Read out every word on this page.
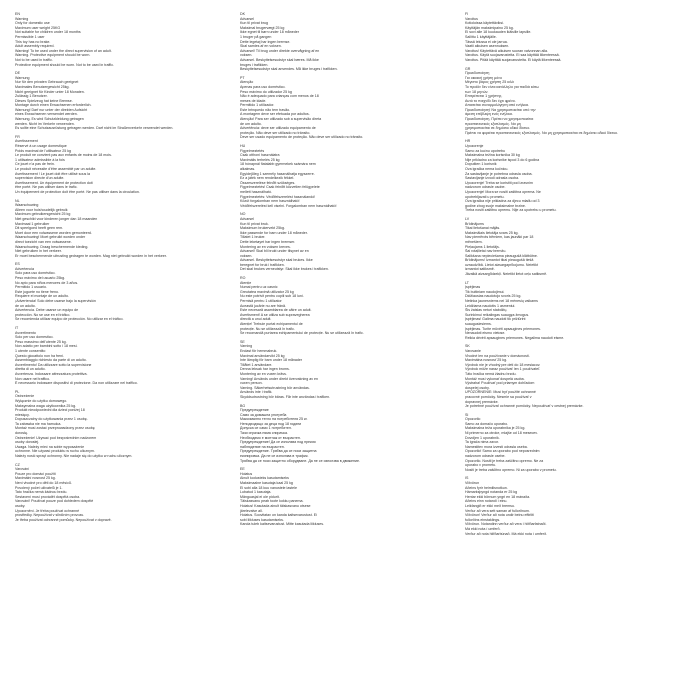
EN
Warning
Only for domestic use
Maximum user weight 25KG
Not suitable for children under 18 months
Permissible 1 user
This toy has no brake.
Adult assembly required.
Warning! To be used under the direct supervision of an adult.
Warning. Protective equipment should be worn.
Not to be used in traffic.
Protective equipment should be worn. Not to be used in traffic.
DE
Warnung
Nur für den privaten Gebrauch geeignet
Maximales Benutzergewicht 25kg.
Nicht geeignet für Kinder unter 18 Monaten.
Zulässig 1 Benutzer.
Dieses Spielzeug hat keine Bremse.
Montage durch einen Erwachsenen erforderlich.
Warnung! Darf nur unter der direkten Aufsicht
eines Erwachsenen verwendet werden.
Warnung. Es wird Schutzkleidung getragen
werden. Nicht im Verkehr verwenden.
Es sollte eine Schutzausrüstung getragen werden. Darf nicht im Straßenverkehr verwendet werden.
FR
Avertissement
Réservé à un usage domestique
Poids maximal de l'utilisateur 25 kg
Le produit ne convient pas aux enfants de moins de 18 mois.
1 utilisateur admissible à la fois
Ce jouet n'a pas de frein.
Le produit nécessite d'être assemblé par un adulte.
Avertissement ! Le jouet doit être utilisé sous la
supervision directe d'un adulte.
Avertissement. Un équipement de protection doit
être porté. Ne pas utiliser dans le trafic.
Un équipement de protection doit être porté. Ne pas utiliser dans la circulation.
NL
Waarschuwing
Alleen voor huishoudelijk gebruik
Maximum gebruikersgewicht 25 kg
Niet geschikt voor kinderen jonger dan 18 maanden
Maximaal 1 gebruiker
Dit speelgoed heeft geen rem.
Moet door een volwassene worden gemonteerd.
Waarschuwing! Moet gebruikt worden onder
direct toezicht van een volwassene.
Waarschuwing. Draag beschermende kleding.
Niet gebruiken in het verkeer.
Er moet beschermende uitrusting gedragen te worden. Mag niet gebruikt worden in het verkeer.
ES
Advertencia
Solo para uso doméstico.
Peso máximo del usuario 25kg.
No apto para niños menores de 3 años.
Permitido 1 usuario.
Este juguete no tiene freno.
Requiere el montaje de un adulto.
¡Advertencia! Solo debe usarse bajo la supervisión
de un adulto.
Advertencia. Debe usarse un equipo de
protección. No se use en el tráfico.
Se recomienda utilizar equipo de protección. No utilizar en el tráfico.
IT
Avvertimento
Solo per uso domestico.
Peso massimo dell'utente 25 kg.
Non adatto per bambini sotto i 18 mesi.
1 utente consentito
Questo giocattolo non ha freni.
Assemblaggio richiesto da parte di un adulto.
Avvertimento! Da utilizzare sotto la supervisione
diretta di un adulto.
Avvertenza. Indossare attrezzatura protettiva.
Non usare nel traffico.
È necessario indossare dispositivi di protezione. Da non utilizzare nel traffico.
PL
Ostrzeżenie
Wyłącznie do użytku domowego.
Maksymalna waga użytkownika 25 kg.
Produkt nieodpowiedni dla dzieci poniżej 18
miesięcy.
Dopuszczalny do użytkowania przez 1 osobę.
Ta zabawka nie ma hamulca.
Montaż musi zostać przeprowadzony przez osobę
dorosłą.
Ostrzeżenie! Używać pod bezpośrednim nadzorem
osoby dorosłej.
Uwaga. Należy mieć na sobie wyposażenie
ochronne. Nie używać produktu w ruchu ulicznym.
Należy nosić sprzęt ochronny. Nie nadaje się do użytku w ruchu ulicznym.
CZ
Varování
Pouze pro domácí použití
Maximální nosnost 25 kg.
Není vhodné pro děti do 18 měsíců.
Povolený počet uživatelů je 1.
Tato hračka nemá žádnou brzdu.
Sestavení musí provádět dospělá osoba.
Varování! Používat pouze pod dohledem dospělé
osoby.
Upozornění. Je třeba používat ochranné
prostředky. Nepoužívat v silničním provozu.
Je třeba používat ochranné pomůcky. Nepoužívat v dopravě.
DK
Advarsel
Kun til privat brug
Maksimal brugervægt 25 kg
Ikke egnet til børn under 18 måneder
1 bruger på gangen
Dette legetøj har ingen bremse.
Skal samles af en voksen.
Advarsel! Til brug under direkte overvågning af en
voksen.
Advarsel. Beskyttelsesudstyr skal bæres. Må ikke
bruges i trafikken.
Beskyttelsesudstyr skal anvendes. Må ikke bruges i trafikken.
PT
Atenção
Apenas para uso doméstico.
Peso máximo do utilizador 25 kg
Não é adequado para crianças com menos de 18
meses de idade.
Permitido 1 utilizador.
Este brinquedo não tem travão.
A montagem deve ser efetuada por adultos.
Atenção! Para ser utilizado sob a supervisão direta
de um adulto.
Advertência: deve ser utilizado equipamento de
proteção. Não deve ser utilizado no trânsito.
Deve ser usado equipamento de proteção. Não deve ser utilizado no trânsito.
HU
Figyelmeztetés
Csak otthoni használatra
Maximális terhelés 25 kg
18 hónapnál fiatalabb gyermekek számára nem
alkalmas.
Egyidejűleg 1 személy használhatja egyszerre.
Ez a játék nem rendelkezik fékkel.
Összeszerelése felnőtt szükséges.
Figyelmeztetés! Csak felnőtt közvetlen felügyelete
mellett használható.
Figyelmeztetés: Védőfelszerelést használandó!
Közút forgalomban nem használható!
Védőfelszerelést kell viselni. Forgalomban nem használható!
NO
Advarsel
Kun til privat bruk.
Maksimum brukervekt 25kg.
Ikke passende for barn under 18 måneder.
Tillatet 1 bruker.
Dette leketøyet har ingen bremser.
Montering av en voksen kreves.
Advarsel! Skal bli brukt under tilsynet av en
voksen.
Advarsel. Beskyttelsesutstyr skal brukes. Ikke
beregnet for bruk i trafikken.
Det skal brukes verneutstyr. Skal ikke brukes i trafikken.
RO
Atenție
Numai pentru uz casnic
Greutatea maximă utilizator 25 kg
Nu este potrivit pentru copiii sub 18 luni.
Permisă pentru 1 utilizator
Această jucărie nu are frână.
Este necesară asamblarea de către un adult.
Avertisment! A se utiliza sub supravegherea
directă a unui adult.
Atenție! Trebuie purtat echipamentul de
protecție. Nu se utilizează în trafic.
Se recomandă purtarea echipamentului de protecție. Nu se utilizează în trafic.
SE
Varning
Endast för hemmabruk.
Maximal användarvikt 25 kg
Inte lämplig för barn under 18 månader
Tillåtet 1 användare.
Denna leksak har ingen broms.
Montering av en vuxen krävs.
Varning! Används under direkt övervakning av en
vuxen person.
Varning. Säkerhetsutrustning bör användas.
Används inte i trafik.
Skyddsutrustning bör bäras. Får inte användas i trafiken.
BG
Предупреждение
Само за домашна употреба
Максимално тегло на потребителя 25 кг.
Неподходящо за деца под 18 години
Допуска се само 1 потребител.
Тази играчка няма спирачка.
Необходимо е монтаж от възрастен.
Предупреждение! Да се използва под прекия
наблюдение на възрастен.
Предупреждение. Трябва да се носи защитна
екипировка. Да не се използва в трафик.
Трябва да се носи защитно оборудване. Да не се използва в движение.
EE
Hoiatus
Ainult kodusteks kasutamiseks
Maksimaalne kasutaja kaal 25 kg
Ei sobi alla 18 kuu vanustele lastele
Lubatud 1 kasutaja.
Mänguasjal ei ole pidurit.
Täiskasvanu peab toote kokku panema.
Hoiatus! Kasutada ainult täiskasvanu otsese
järelevalve all.
Hoiatus. Soovitatav on kanda kaitsevarustust. Ei
sobi liikluses kasutamiseks.
Kanda tuleb kaitsevarustust. Mitte kasutada liikluses.
FI
Varoitus
Kotioloissa käytettäviksi.
Käyttäjän maksimipaino 25 kg.
Ei sovi alle 18 kuukauden ikäisille lapsille.
Sallittu 1 käyttäjälle.
Tässä lelussa ei ole jarrua.
Vaatii aikuisen asennuksen.
Varoitus! Käytettävä aikuisen suoran valvonnan alla.
Varoitus. Käytä suojavarusteita. Ei saa käyttää liikenteessä.
Varoitus. Pitää käyttää suojavarusteita. Ei käytä liikenteessä.
GR
Προειδοποίηση
Για οικιακή χρήση μόνο
Μέγιστο βάρος χρήστη 25 κιλά
Το προϊόν δεν είναι κατάλληλο για παιδιά κάτω
των 18 μηνών.
Επιτρέπεται 1 χρήστης.
Αυτό το παιχνίδι δεν έχει φρένο.
Απαιτείται συναρμολόγηση από ενήλικα.
Προειδοποίηση! Να χρησιμοποιείται υπό την
άμεση επίβλεψη ενός ενήλικα.
Προειδοποίηση. Πρέπει να χρησιμοποιείται
προστατευτικός εξοπλισμός. Να μη
χρησιμοποιείται σε δημόσιο οδικό δίκτυο.
Πρέπει να φοριέται προστατευτικός εξοπλισμός. Να μη χρησιμοποιείται σε δημόσιο οδικό δίκτυο.
HR
Upozorenje
Samo za kućnu upotrebu
Maksimalna težina korisnika 30 kg
Nije prikladno za korisnike ispod 3 do 6 godina
Dopušten 1 korisnik
Ova igračka nema kočnicu.
Za sastavljanje je potrebna odrasla osoba.
Sastavljanje izvodi odrasla osoba.
Upozorenje! Treba se koristiti pod izravnim
nadzorom odrasle osobe.
Upozorenje! Mora se nositi zaštitna oprema. Ne
upotrebljavati u prometu.
Ova igračka nije prikladna za djecu mlađu od 3
godine zbog svoje maksimalne brzine.
Treba nositi zaštitnu opremu. Nije za upotrebu u prometu.
LV
Brīdinājums
Tikai lietošanai mājās.
Maksimālais lietotāja svars 25 kg.
Nav piemērots bērniem, kas jaunāki par 18
mēnešiem.
Pieļaujams 1 lietotājs.
Šai rotaļlietai nav bremžu.
Salikšana nepieciešama pieaugušā klātbūtne.
Brīdinājums! Izmantot tikai pieaugušā tiešā
uzraudzībā. Lietot aizsargaprīkojumu. Neietikt
izmantot satiksmē.
Jāvalkā aizsarglīdzekļi. Neietikt lietot ceļu satiksmē.
LT
Įspėjimas
Tik buitiniam naudojimui.
Didžiausias naudotojo svoris 25 kg.
Netinka jaunesniems nei 18 mėnesių vaikams
Leidžiama naudotis 1 asmeniui.
Šis žaislas neturi stabdžių.
Surinkimui reikalingas suaugęs žmogus.
Įspėjimas! Galima naudoti tik prižiūrint
suaugusiesiems.
Įspėjimas. Turite mūvėti apsaugines priemones.
Nenaudoti eismo vietose.
Reikia dėvėti apsaugines priemones. Negalima naudoti eisme.
SK
Varovanie
Vhodné len na používanie v domácnosti.
Maximálna nosnosť 25 kg.
Výrobok nie je vhodný pre deti do 18 mesiacov.
Výrobok môže naraz používať len 1 používateľ.
Táto hračka nemá žiadnu brzdu.
Montáž musí vykonať dospelá osoba.
Výstraha! Používať pod priamym dohľadom
dospelej osoby.
UPOZORNENIE: Musí byť použité ochranné
pracovné pomôcky. Nesmie sa používať v
dopravnej premávke.
Je potrebné používať ochranné pomôcky. Nepoužívať v cestnej premávke.
SI
Opozorilo
Samo za domačo uporabo.
Maksimalna teža uporabnika je 25 kg.
Ni primerno za otroke, mlajše od 18 mesecev.
Dovoljen 1 uporabnik.
Ta igrača nima zavor.
Namestitev mora izvesti odrasla oseba.
Opozorilo! Samo za uporabo pod neposrednim
nadzorom odrasle osebe.
Opozorilo. Nositi je treba zaščitno opremo. Ne za
uporabo v prometu.
Nositi je treba zaščitno opremo. Ni za uporabo v prometu.
IS
Viðvörun
Aðeins fyrir heimilisnotkun.
Hámarksþyngd notanda er 25 kg
Hentar ekki börnum yngri en 18 mánaða.
Aðeins einn notandi í einu.
Leikfangið er ekki með bremsu.
Verður að vera sett saman af fullorðnum.
Viðvörun! Verður að nota undir beinu eftirliti
fullorðins einstaklings.
Viðvörun. Notandinn verður að vera í hlífðarfatnaði.
Má ekki nota í umferð.
Verður að nota hlífðarbúnað. Má ekki nota í umferð.
